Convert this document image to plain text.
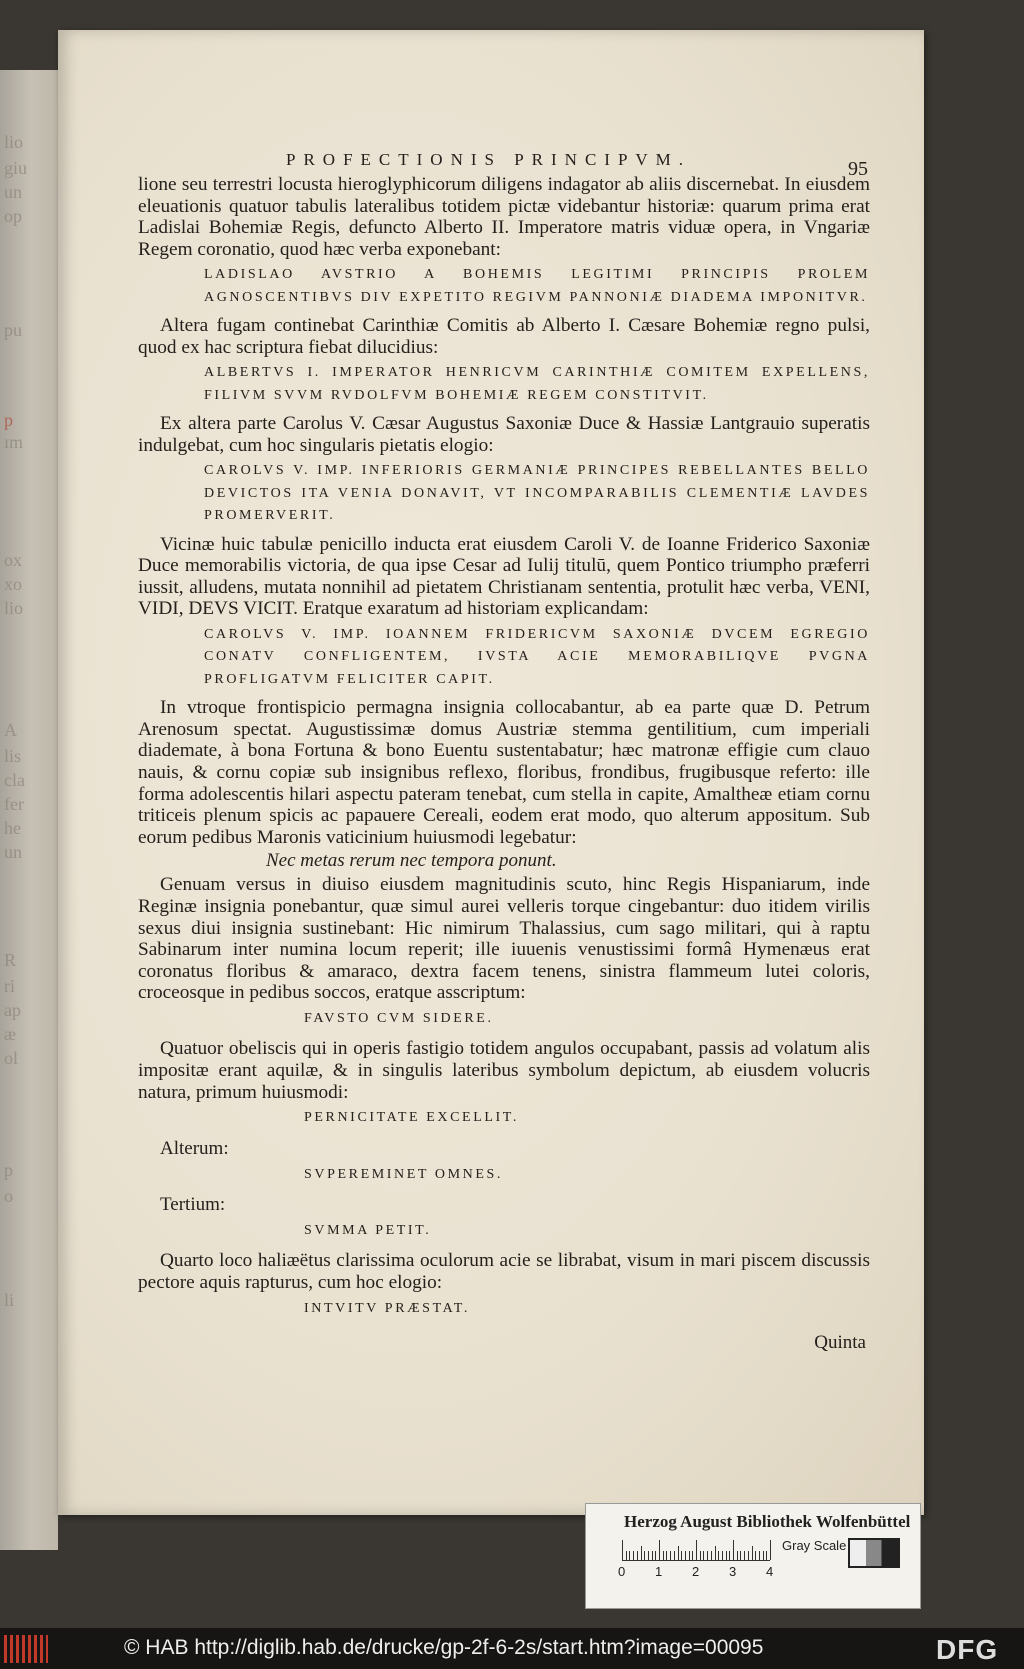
lio
giu
un
op
pu
p
ım
ox
xo
lio
A
lis
cla
fer
he
un
R
ri
ap
æ
ol
p
o
li
PROFECTIONIS PRINCIPVM.	95

lione seu terrestri locusta hieroglyphicorum diligens indagator ab aliis discernebat. In eiusdem eleuationis quatuor tabulis lateralibus totidem pictæ videbantur historiæ: quarum prima erat Ladislai Bohemiæ Regis, defuncto Alberto II. Imperatore matris viduæ opera, in Vngariæ Regem coronatio, quod hæc verba exponebant:

LADISLAO AVSTRIO A BOHEMIS LEGITIMI PRINCIPIS PROLEM AGNOSCENTIBVS DIV EXPETITO REGIVM PANNONIÆ DIADEMA IMPONITVR.

Altera fugam continebat Carinthiæ Comitis ab Alberto I. Cæsare Bohemiæ regno pulsi, quod ex hac scriptura fiebat dilucidius:

ALBERTVS I. IMPERATOR HENRICVM CARINTHIÆ COMITEM EXPELLENS, FILIVM SVVM RVDOLFVM BOHEMIÆ REGEM CONSTITVIT.

Ex altera parte Carolus V. Cæsar Augustus Saxoniæ Duce & Hassiæ Lantgrauio superatis indulgebat, cum hoc singularis pietatis elogio:

CAROLVS V. IMP. INFERIORIS GERMANIÆ PRINCIPES REBELLANTES BELLO DEVICTOS ITA VENIA DONAVIT, VT INCOMPARABILIS CLEMENTIÆ LAVDES PROMERVERIT.

Vicinæ huic tabulæ penicillo inducta erat eiusdem Caroli V. de Ioanne Friderico Saxoniæ Duce memorabilis victoria, de qua ipse Cesar ad Iulij titulū, quem Pontico triumpho præferri iussit, alludens, mutata nonnihil ad pietatem Christianam sententia, protulit hæc verba, VENI, VIDI, DEVS VICIT. Eratque exaratum ad historiam explicandam:

CAROLVS V. IMP. IOANNEM FRIDERICVM SAXONIÆ DVCEM EGREGIO CONATV CONFLIGENTEM, IVSTA ACIE MEMORABILIQVE PVGNA PROFLIGATVM FELICITER CAPIT.

In vtroque frontispicio permagna insignia collocabantur, ab ea parte quæ D. Petrum Arenosum spectat. Augustissimæ domus Austriæ stemma gentilitium, cum imperiali diademate, à bona Fortuna & bono Euentu sustentabatur; hæc matronæ effigie cum clauo nauis, & cornu copiæ sub insignibus reflexo, floribus, frondibus, frugibusque referto: ille forma adolescentis hilari aspectu pateram tenebat, cum stella in capite, Amaltheæ etiam cornu triticeis plenum spicis ac papauere Cereali, eodem erat modo, quo alterum appositum. Sub eorum pedibus Maronis vaticinium huiusmodi legebatur:

Nec metas rerum nec tempora ponunt.

Genuam versus in diuiso eiusdem magnitudinis scuto, hinc Regis Hispaniarum, inde Reginæ insignia ponebantur, quæ simul aurei velleris torque cingebantur: duo itidem virilis sexus diui insignia sustinebant: Hic nimirum Thalassius, cum sago militari, qui à raptu Sabinarum inter numina locum reperit; ille iuuenis venustissimi formâ Hymenæus erat coronatus floribus & amaraco, dextra facem tenens, sinistra flammeum lutei coloris, croceosque in pedibus soccos, eratque asscriptum:

FAVSTO CVM SIDERE.

Quatuor obeliscis qui in operis fastigio totidem angulos occupabant, passis ad volatum alis impositæ erant aquilæ, & in singulis lateribus symbolum depictum, ab eiusdem volucris natura, primum huiusmodi:

PERNICITATE EXCELLIT.
Alterum:
SVPEREMINET OMNES.
Tertium:
SVMMA PETIT.

Quarto loco haliæëtus clarissima oculorum acie se librabat, visum in mari piscem discussis pectore aquis rapturus, cum hoc elogio:

INTVITV PRÆSTAT.
Quinta
Herzog August Bibliothek Wolfenbüttel
0 1 2 3 4
Gray Scale
© HAB http://diglib.hab.de/drucke/gp-2f-6-2s/start.htm?image=00095	DFG
